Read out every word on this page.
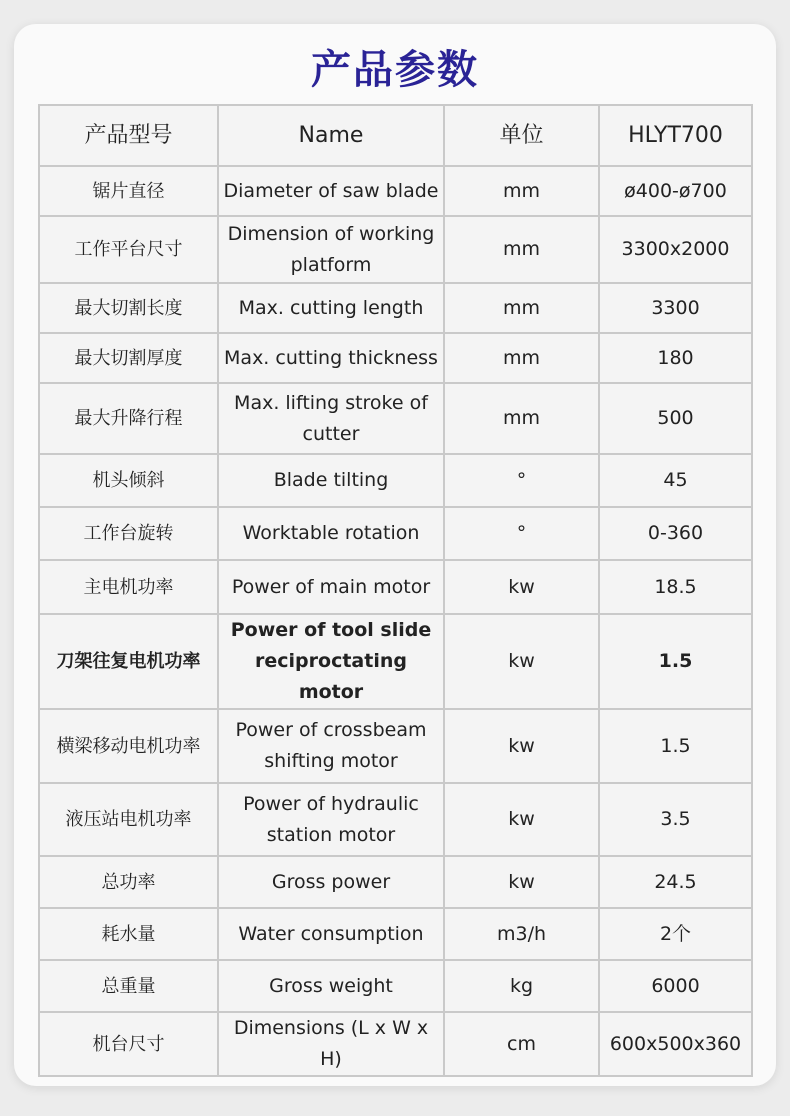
产品参数
产品型号	Name	单位	HLYT700
锯片直径	Diameter of saw blade	mm	ø400-ø700
工作平台尺寸	Dimension of working platform	mm	3300x2000
最大切割长度	Max. cutting length	mm	3300
最大切割厚度	Max. cutting thickness	mm	180
最大升降行程	Max. lifting stroke of cutter	mm	500
机头倾斜	Blade tilting	°	45
工作台旋转	Worktable rotation	°	0-360
主电机功率	Power of main motor	kw	18.5
刀架往复电机功率	Power of tool slide reciproctating motor	kw	1.5
横梁移动电机功率	Power of crossbeam shifting motor	kw	1.5
液压站电机功率	Power of hydraulic station motor	kw	3.5
总功率	Gross power	kw	24.5
耗水量	Water consumption	m3/h	2个
总重量	Gross weight	kg	6000
机台尺寸	Dimensions (L x W x H)	cm	600x500x360
